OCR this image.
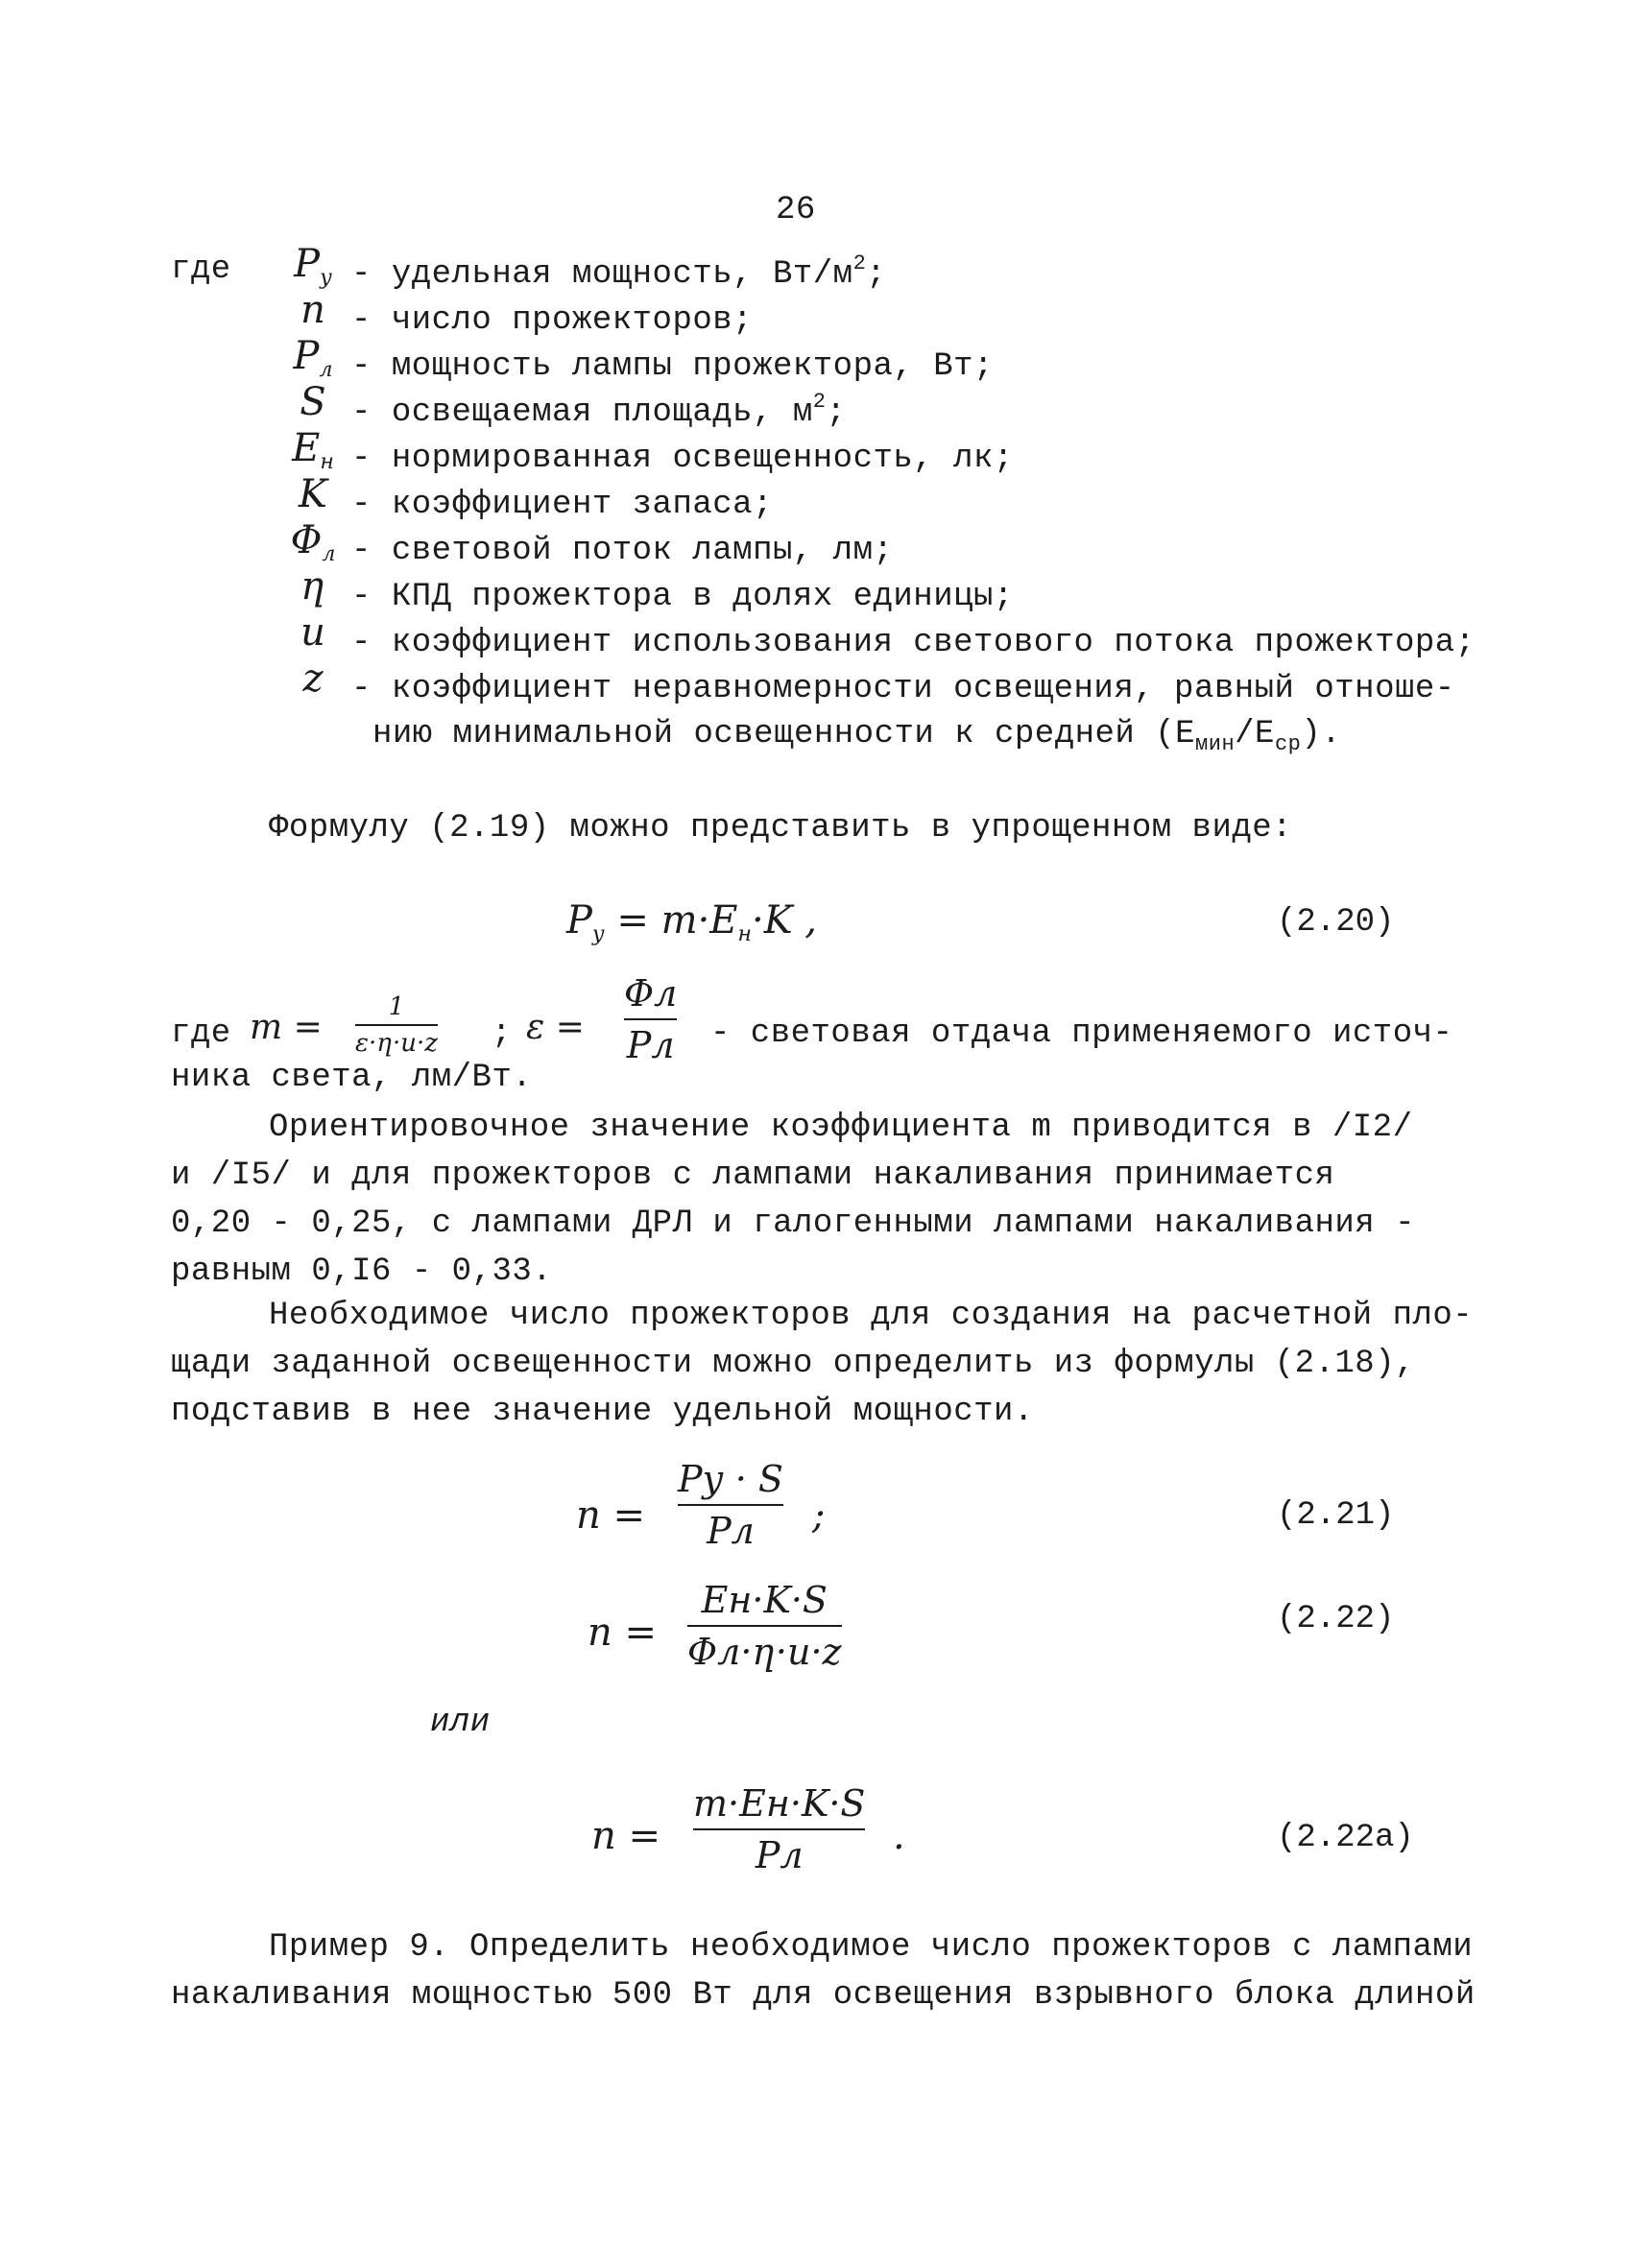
26
где $P_у$ - удельная мощность, $Вт/м^2$;
n - число прожекторов;
$P_л$ - мощность лампы прожектора, Вт;
S - освещаемая площадь, $м^2$;
$E_н$ - нормированная освещенность, лк;
K - коэффициент запаса;
$\Phi_л$ - световой поток лампы, лм;
ƞ - КПД прожектора в долях единицы;
u - коэффициент использования светового потока прожектора;
z - коэффициент неравномерности освещения, равный отноше-
нию минимальной освещенности к средней $(E_{мин}/E_{ср})$.
Формулу (2.19) можно представить в упрощенном виде:
$P_у = m\cdot E_н\cdot K$ ,	(2.20)
где m =
1
ε·ƞ·u·z ; ε =
Φл
Pл - световая отдача применяемого источ-
ника света, лм/Вт.
Ориентировочное значение коэффициента m приводится в /I2/
и /I5/ и для прожекторов с лампами накаливания принимается
0,20 - 0,25, с лампами ДРЛ и галогенными лампами накаливания -
равным 0,I6 - 0,33.
Необходимое число прожекторов для создания на расчетной пло-
щади заданной освещенности можно определить из формулы (2.18),
подставив в нее значение удельной мощности.
n =
Pу · S
Pл ;	(2.21)
n =
Eн·K·S
Φл·ƞ·u·z
(2.22)
или
n =
m·Eн·K·S
Pл .	(2.22а)
Пример 9. Определить необходимое число прожекторов с лампами
накаливания мощностью 500 Вт для освещения взрывного блока длиной
